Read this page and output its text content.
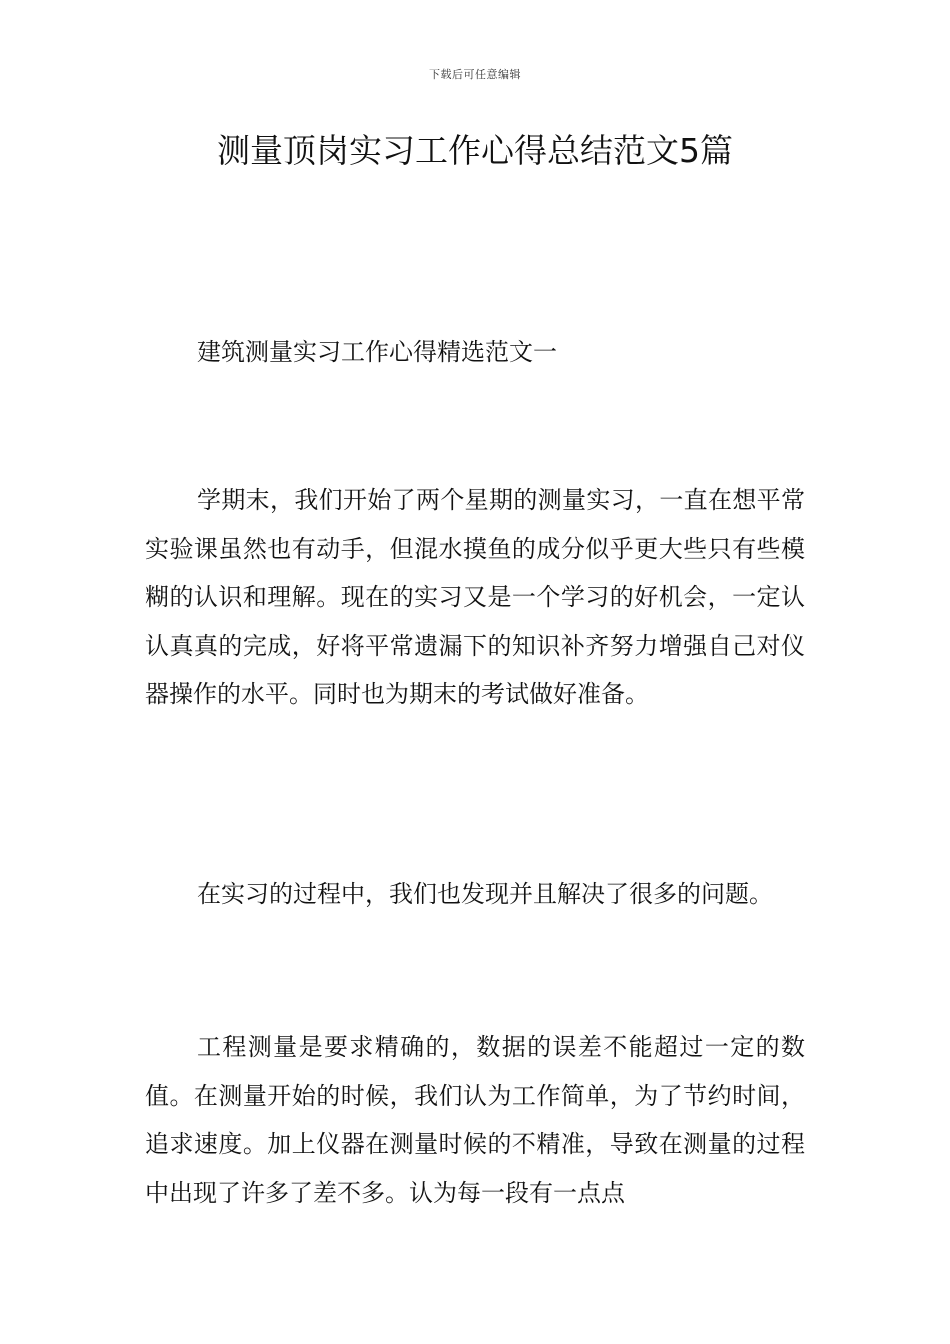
下载后可任意编辑
测量顶岗实习工作心得总结范文5篇
建筑测量实习工作心得精选范文一

学期末，我们开始了两个星期的测量实习，一直在想平常实验课虽然也有动手，但混水摸鱼的成分似乎更大些只有些模糊的认识和理解。现在的实习又是一个学习的好机会，一定认认真真的完成，好将平常遗漏下的知识补齐努力增强自己对仪器操作的水平。同时也为期末的考试做好准备。

在实习的过程中，我们也发现并且解决了很多的问题。

工程测量是要求精确的，数据的误差不能超过一定的数值。在测量开始的时候，我们认为工作简单，为了节约时间，追求速度。加上仪器在测量时候的不精准，导致在测量的过程中出现了许多了差不多。认为每一段有一点点
